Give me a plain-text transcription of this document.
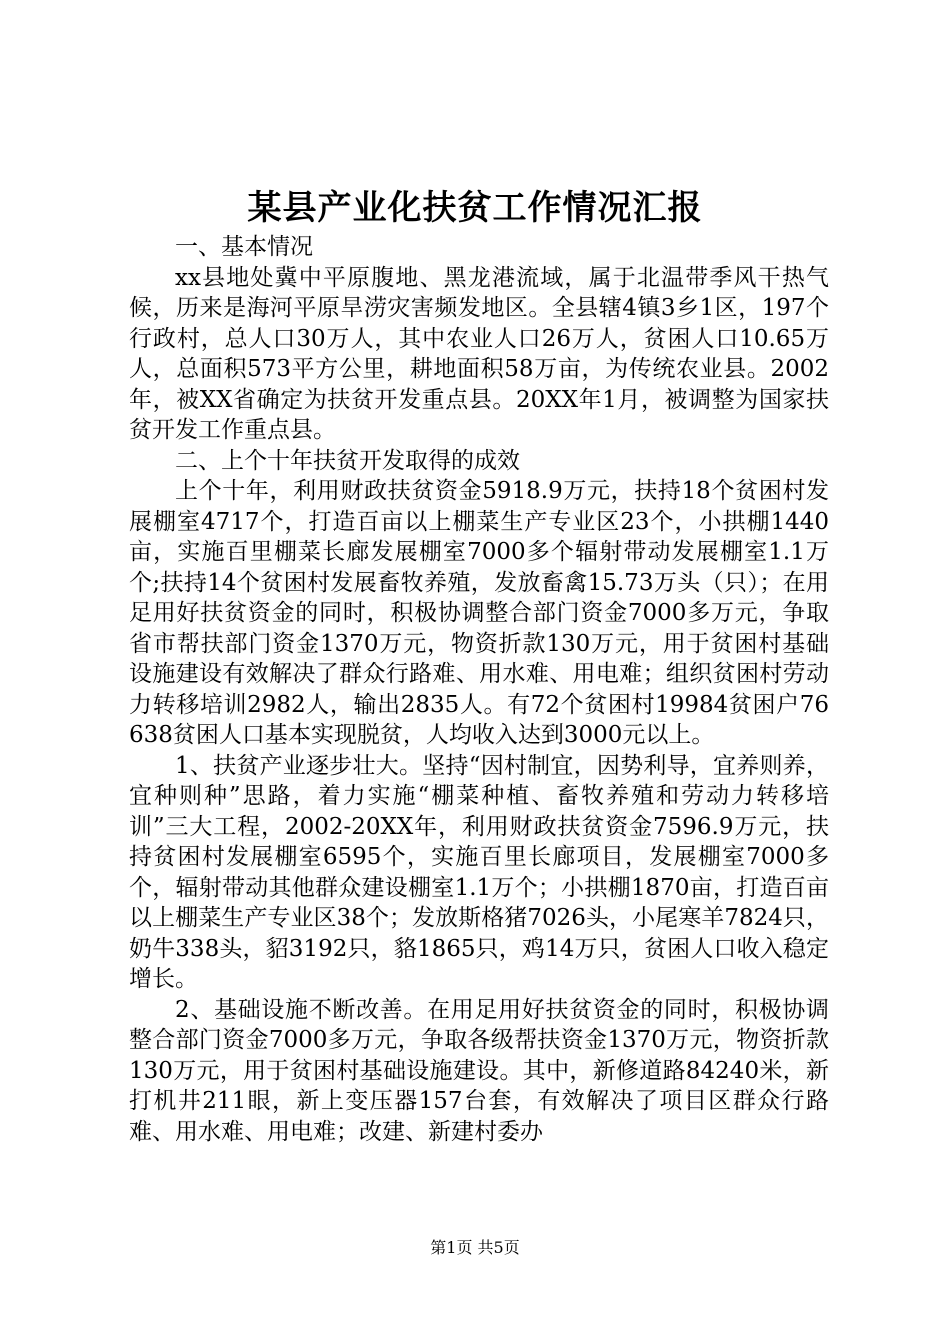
某县产业化扶贫工作情况汇报

一、基本情况

xx县地处冀中平原腹地、黑龙港流域，属于北温带季风干热气候，历来是海河平原旱涝灾害频发地区。全县辖4镇3乡1区，197个行政村，总人口30万人，其中农业人口26万人，贫困人口10.65万人，总面积573平方公里，耕地面积58万亩，为传统农业县。2002年，被XX省确定为扶贫开发重点县。20XX年1月，被调整为国家扶贫开发工作重点县。

二、上个十年扶贫开发取得的成效

上个十年，利用财政扶贫资金5918.9万元，扶持18个贫困村发展棚室4717个，打造百亩以上棚菜生产专业区23个，小拱棚1440亩，实施百里棚菜长廊发展棚室7000多个辐射带动发展棚室1.1万个;扶持14个贫困村发展畜牧养殖，发放畜禽15.73万头（只）；在用足用好扶贫资金的同时，积极协调整合部门资金7000多万元，争取省市帮扶部门资金1370万元，物资折款130万元，用于贫困村基础设施建设有效解决了群众行路难、用水难、用电难；组织贫困村劳动力转移培训2982人，输出2835人。有72个贫困村19984贫困户76638贫困人口基本实现脱贫，人均收入达到3000元以上。

1、扶贫产业逐步壮大。坚持“因村制宜，因势利导，宜养则养，宜种则种”思路，着力实施“棚菜种植、畜牧养殖和劳动力转移培训”三大工程，2002-20XX年，利用财政扶贫资金7596.9万元，扶持贫困村发展棚室6595个，实施百里长廊项目，发展棚室7000多个，辐射带动其他群众建设棚室1.1万个；小拱棚1870亩，打造百亩以上棚菜生产专业区38个；发放斯格猪7026头，小尾寒羊7824只，奶牛338头，貂3192只，貉1865只，鸡14万只，贫困人口收入稳定增长。

2、基础设施不断改善。在用足用好扶贫资金的同时，积极协调整合部门资金7000多万元，争取各级帮扶资金1370万元，物资折款130万元，用于贫困村基础设施建设。其中，新修道路84240米，新打机井211眼，新上变压器157台套，有效解决了项目区群众行路难、用水难、用电难；改建、新建村委办

第1页 共5页
